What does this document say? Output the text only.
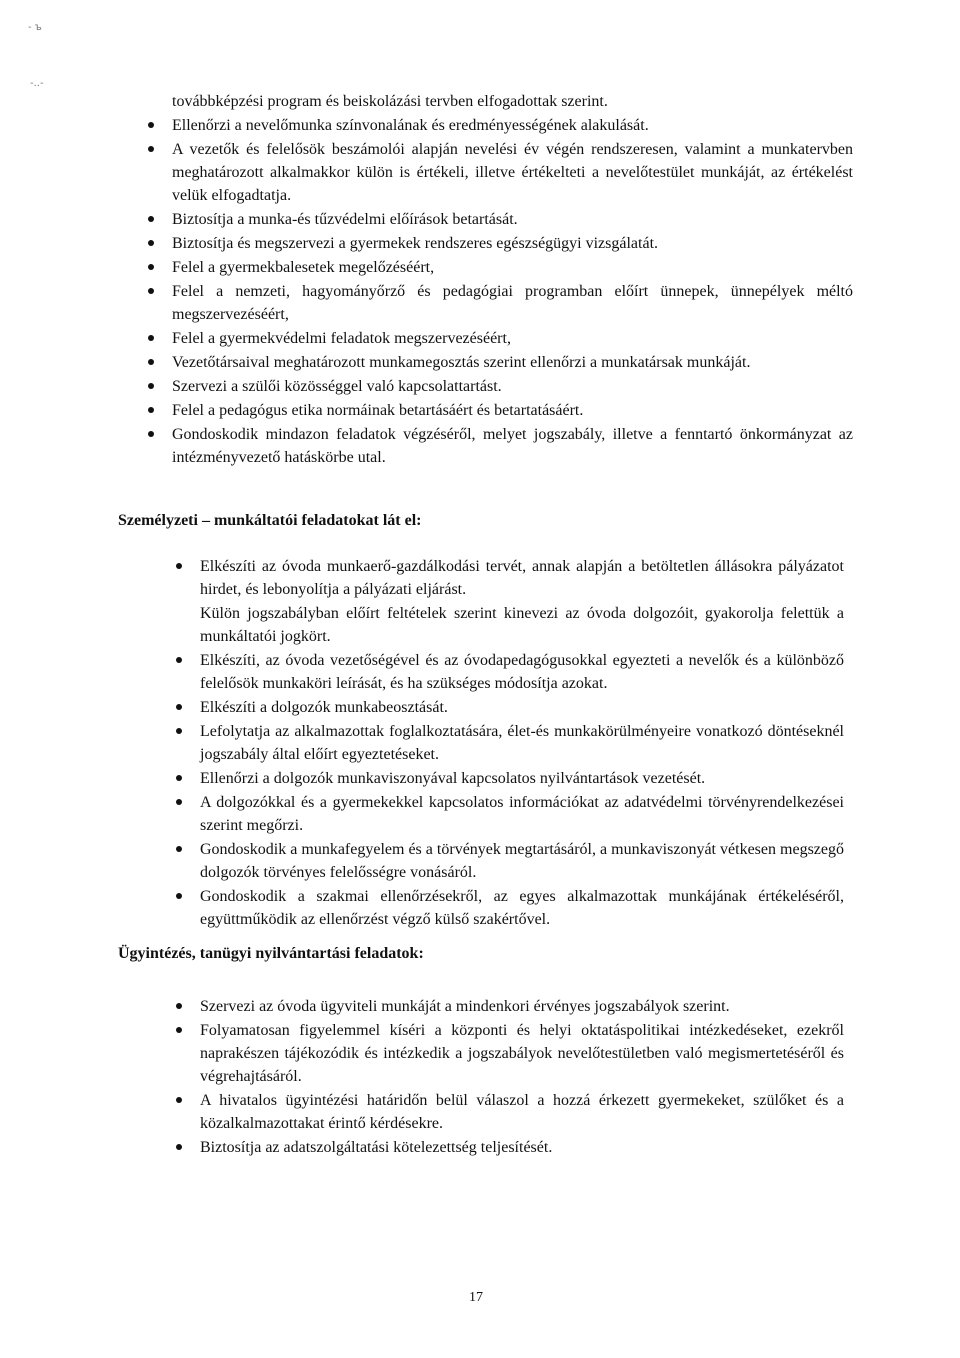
- ъ
-..-
továbbképzési program és beiskolázási tervben elfogadottak szerint.
Ellenőrzi a nevelőmunka színvonalának és eredményességének alakulását.
A vezetők és felelősök beszámolói alapján nevelési év végén rendszeresen, valamint a munkatervben meghatározott alkalmakkor külön is értékeli, illetve értékelteti a nevelőtestület munkáját, az értékelést velük elfogadtatja.
Biztosítja a munka-és tűzvédelmi előírások betartását.
Biztosítja és megszervezi a gyermekek rendszeres egészségügyi vizsgálatát.
Felel a gyermekbalesetek megelőzéséért,
Felel a nemzeti, hagyományőrző és pedagógiai programban előírt ünnepek, ünnepélyek méltó megszervezéséért,
Felel a gyermekvédelmi feladatok megszervezéséért,
Vezetőtársaival meghatározott munkamegosztás szerint ellenőrzi a munkatársak munkáját.
Szervezi a szülői közösséggel való kapcsolattartást.
Felel a pedagógus etika normáinak betartásáért és betartatásáért.
Gondoskodik mindazon feladatok végzéséről, melyet jogszabály, illetve a fenntartó önkormányzat az intézményvezető hatáskörbe utal.
Személyzeti – munkáltatói feladatokat lát el:
Elkészíti az óvoda munkaerő-gazdálkodási tervét, annak alapján a betöltetlen állásokra pályázatot hirdet, és lebonyolítja a pályázati eljárást.
Külön jogszabályban előírt feltételek szerint kinevezi az óvoda dolgozóit, gyakorolja felettük a munkáltatói jogkört.
Elkészíti, az óvoda vezetőségével és az óvodapedagógusokkal egyezteti a nevelők és a különböző felelősök munkaköri leírását, és ha szükséges módosítja azokat.
Elkészíti a dolgozók munkabeosztását.
Lefolytatja az alkalmazottak foglalkoztatására, élet-és munkakörülményeire vonatkozó döntéseknél jogszabály által előírt egyeztetéseket.
Ellenőrzi a dolgozók munkaviszonyával kapcsolatos nyilvántartások vezetését.
A dolgozókkal és a gyermekekkel kapcsolatos információkat az adatvédelmi törvényrendelkezései szerint megőrzi.
Gondoskodik a munkafegyelem és a törvények megtartásáról, a munkaviszonyát vétkesen megszegő dolgozók törvényes felelősségre vonásáról.
Gondoskodik a szakmai ellenőrzésekről, az egyes alkalmazottak munkájának értékeléséről, együttműködik az ellenőrzést végző külső szakértővel.
Ügyintézés, tanügyi nyilvántartási feladatok:
Szervezi az óvoda ügyviteli munkáját a mindenkori érvényes jogszabályok szerint.
Folyamatosan figyelemmel kíséri a központi és helyi oktatáspolitikai intézkedéseket, ezekről naprakészen tájékozódik és intézkedik a jogszabályok nevelőtestületben való megismertetéséről és végrehajtásáról.
A hivatalos ügyintézési határidőn belül válaszol a hozzá érkezett gyermekeket, szülőket és a közalkalmazottakat érintő kérdésekre.
Biztosítja az adatszolgáltatási kötelezettség teljesítését.
17
